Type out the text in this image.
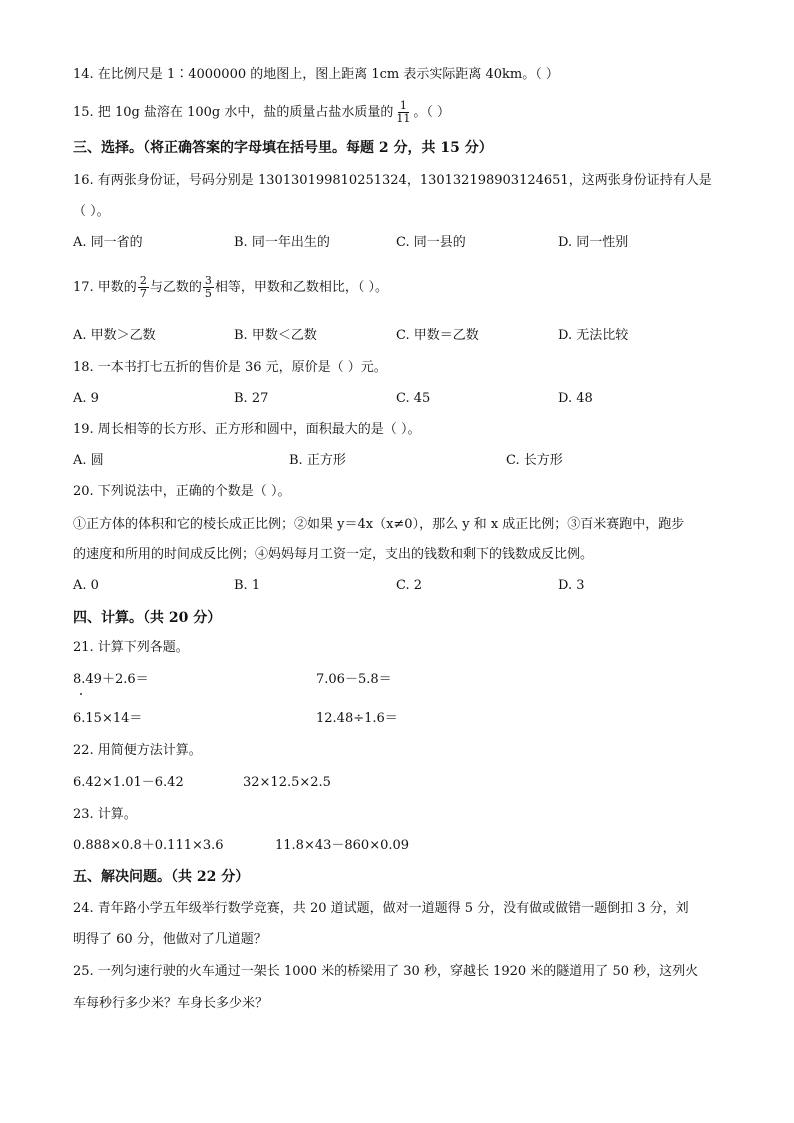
14. 在比例尺是 1∶4000000 的地图上，图上距离 1cm 表示实际距离 40km。（ ）
15. 把 10g 盐溶在 100g 水中，盐的质量占盐水质量的 $\frac{1}{11}$ 。（ ）
三、选择。（将正确答案的字母填在括号里。每题 2 分，共 15 分）
16. 有两张身份证，号码分别是 130130199810251324，130132198903124651，这两张身份证持有人是
（ ）。
A. 同一省的	B. 同一年出生的	C. 同一县的	D. 同一性别
17. 甲数的 $\frac{2}{7}$ 与乙数的 $\frac{3}{5}$ 相等，甲数和乙数相比，（ ）。
A. 甲数＞乙数	B. 甲数＜乙数	C. 甲数＝乙数	D. 无法比较
18. 一本书打七五折的售价是 36 元，原价是（ ）元。
A. 9	B. 27	C. 45	D. 48
19. 周长相等的长方形、正方形和圆中，面积最大的是（ ）。
A. 圆	B. 正方形	C. 长方形
20. 下列说法中，正确的个数是（ ）。
①正方体的体积和它的棱长成正比例；②如果 y＝4x（x≠0），那么 y 和 x 成正比例；③百米赛跑中，跑步
的速度和所用的时间成反比例；④妈妈每月工资一定，支出的钱数和剩下的钱数成反比例。
A. 0	B. 1	C. 2	D. 3
四、计算。（共 20 分）
21. 计算下列各题。
8.49＋2.6＝	7.06－5.8＝
6.15×14＝	12.48÷1.6＝
22. 用简便方法计算。
6.42×1.01－6.42	32×12.5×2.5
23. 计算。
0.888×0.8＋0.111×3.6	11.8×43－860×0.09
五、解决问题。（共 22 分）
24. 青年路小学五年级举行数学竞赛，共 20 道试题，做对一道题得 5 分，没有做或做错一题倒扣 3 分，刘
明得了 60 分，他做对了几道题？
25. 一列匀速行驶的火车通过一架长 1000 米的桥梁用了 30 秒，穿越长 1920 米的隧道用了 50 秒，这列火
车每秒行多少米？车身长多少米？
